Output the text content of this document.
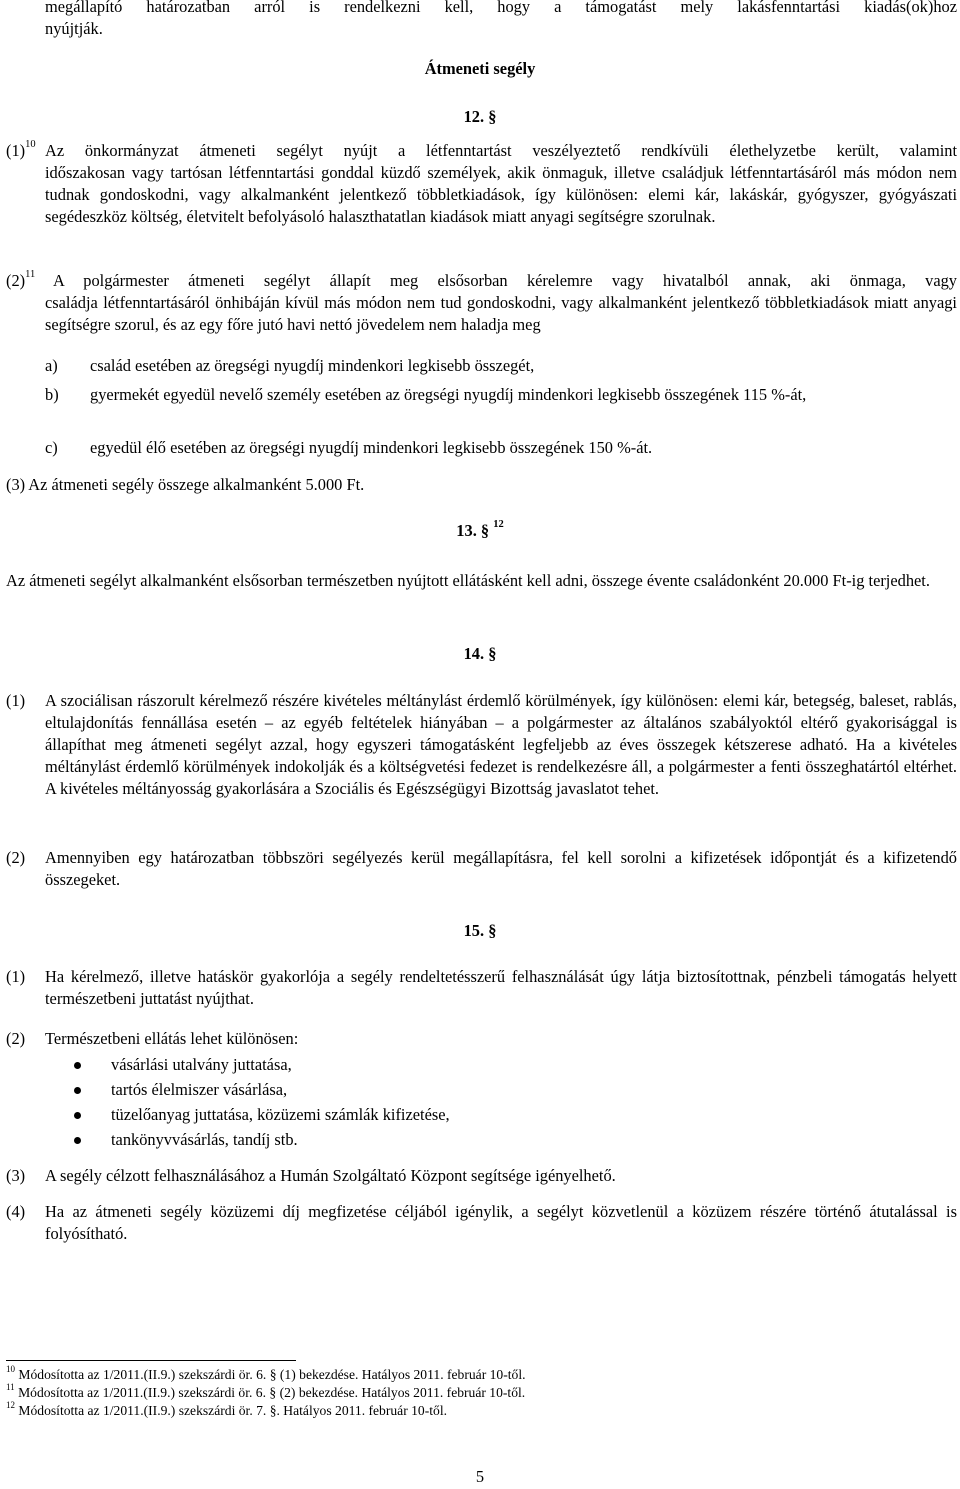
megállapító határozatban arról is rendelkezni kell, hogy a támogatást mely lakásfenntartási kiadás(ok)hoz
nyújtják.
Átmeneti segély
12. §
$(1)^{10}$ Az önkormányzat átmeneti segélyt nyújt a létfenntartást veszélyeztető rendkívüli élethelyzetbe került, valamint
időszakosan vagy tartósan létfenntartási gonddal küzdő személyek, akik önmaguk, illetve családjuk létfenntartásáról más módon nem tudnak gondoskodni, vagy alkalmanként jelentkező többletkiadások, így különösen: elemi kár, lakáskár, gyógyszer, gyógyászati segédeszköz költség, életvitelt befolyásoló halaszthatatlan kiadások miatt anyagi segítségre szorulnak.
$(2)^{11}$ A polgármester átmeneti segélyt állapít meg elsősorban kérelemre vagy hivatalból annak, aki önmaga, vagy
családja létfenntartásáról önhibáján kívül más módon nem tud gondoskodni, vagy alkalmanként jelentkező többletkiadások miatt anyagi segítségre szorul, és az egy főre jutó havi nettó jövedelem nem haladja meg
a) család esetében az öregségi nyugdíj mindenkori legkisebb összegét,
b) gyermekét egyedül nevelő személy esetében az öregségi nyugdíj mindenkori legkisebb összegének 115 %-át,
c) egyedül élő esetében az öregségi nyugdíj mindenkori legkisebb összegének 150 %-át.
(3) Az átmeneti segély összege alkalmanként 5.000 Ft.
13. § $^{12}$
Az átmeneti segélyt alkalmanként elsősorban természetben nyújtott ellátásként kell adni, összege évente családonként 20.000 Ft-ig terjedhet.
14. §
(1) A szociálisan rászorult kérelmező részére kivételes méltánylást érdemlő körülmények, így különösen: elemi kár, betegség, baleset, rablás, eltulajdonítás fennállása esetén – az egyéb feltételek hiányában – a polgármester az általános szabályoktól eltérő gyakorisággal is állapíthat meg átmeneti segélyt azzal, hogy egyszeri támogatásként legfeljebb az éves összegek kétszerese adható. Ha a kivételes méltánylást érdemlő körülmények indokolják és a költségvetési fedezet is rendelkezésre áll, a polgármester a fenti összeghatártól eltérhet. A kivételes méltányosság gyakorlására a Szociális és Egészségügyi Bizottság javaslatot tehet.
(2) Amennyiben egy határozatban többszöri segélyezés kerül megállapításra, fel kell sorolni a kifizetések időpontját és a kifizetendő összegeket.
15. §
(1) Ha kérelmező, illetve hatáskör gyakorlója a segély rendeltetésszerű felhasználását úgy látja biztosítottnak, pénzbeli támogatás helyett természetbeni juttatást nyújthat.
(2) Természetbeni ellátás lehet különösen:
vásárlási utalvány juttatása,
tartós élelmiszer vásárlása,
tüzelőanyag juttatása, közüzemi számlák kifizetése,
tankönyvvásárlás, tandíj stb.
(3) A segély célzott felhasználásához a Humán Szolgáltató Központ segítsége igényelhető.
(4) Ha az átmeneti segély közüzemi díj megfizetése céljából igénylik, a segélyt közvetlenül a közüzem részére történő átutalással is folyósítható.
$^{10}$ Módosította az 1/2011.(II.9.) szekszárdi ör. 6. § (1) bekezdése. Hatályos 2011. február 10-től.
$^{11}$ Módosította az 1/2011.(II.9.) szekszárdi ör. 6. § (2) bekezdése. Hatályos 2011. február 10-től.
$^{12}$ Módosította az 1/2011.(II.9.) szekszárdi ör. 7. §. Hatályos 2011. február 10-től.
5
